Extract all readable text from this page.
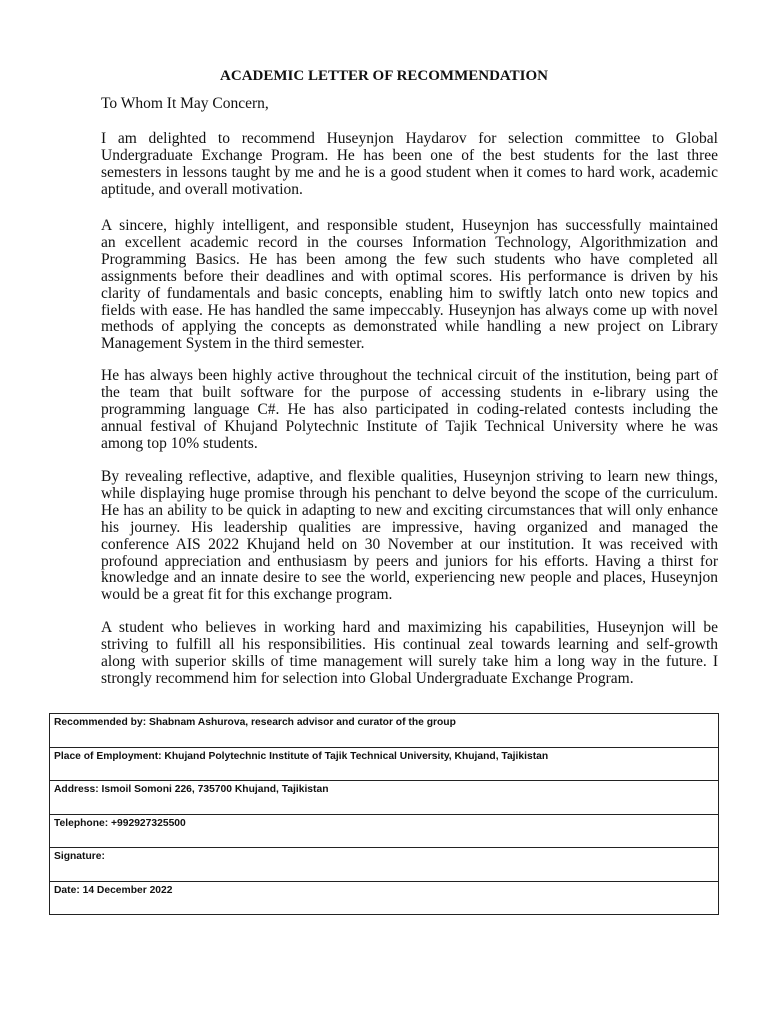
ACADEMIC LETTER OF RECOMMENDATION
To Whom It May Concern,
I am delighted to recommend Huseynjon Haydarov for selection committee to Global
Undergraduate Exchange Program. He has been one of the best students for the last three
semesters in lessons taught by me and he is a good student when it comes to hard work, academic
aptitude, and overall motivation.
A sincere, highly intelligent, and responsible student, Huseynjon has successfully maintained
an excellent academic record in the courses Information Technology, Algorithmization and
Programming Basics. He has been among the few such students who have completed all
assignments before their deadlines and with optimal scores. His performance is driven by his
clarity of fundamentals and basic concepts, enabling him to swiftly latch onto new topics and
fields with ease. He has handled the same impeccably. Huseynjon has always come up with novel
methods of applying the concepts as demonstrated while handling a new project on Library
Management System in the third semester.
He has always been highly active throughout the technical circuit of the institution, being part of
the team that built software for the purpose of accessing students in e-library using the
programming language C#. He has also participated in coding-related contests including the
annual festival of Khujand Polytechnic Institute of Tajik Technical University where he was
among top 10% students.
By revealing reflective, adaptive, and flexible qualities, Huseynjon striving to learn new things,
while displaying huge promise through his penchant to delve beyond the scope of the curriculum.
He has an ability to be quick in adapting to new and exciting circumstances that will only enhance
his journey. His leadership qualities are impressive, having organized and managed the
conference AIS 2022 Khujand held on 30 November at our institution. It was received with
profound appreciation and enthusiasm by peers and juniors for his efforts. Having a thirst for
knowledge and an innate desire to see the world, experiencing new people and places, Huseynjon
would be a great fit for this exchange program.
A student who believes in working hard and maximizing his capabilities, Huseynjon will be
striving to fulfill all his responsibilities. His continual zeal towards learning and self-growth
along with superior skills of time management will surely take him a long way in the future. I
strongly recommend him for selection into Global Undergraduate Exchange Program.
Recommended by: Shabnam Ashurova, research advisor and curator of the group
Place of Employment: Khujand Polytechnic Institute of Tajik Technical University, Khujand, Tajikistan
Address: Ismoil Somoni 226, 735700 Khujand, Tajikistan
Telephone: +992927325500
Signature:
Date: 14 December 2022
